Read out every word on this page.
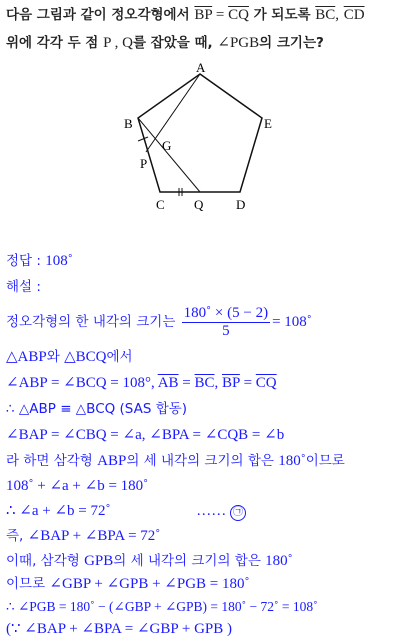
다음 그림과 같이 정오각형에서 $\overline{BP} = \overline{CQ}$ 가 되도록 $\overline{BC}$, $\overline{CD}$
위에 각각 두 점 P , Q를 잡았을 때, ∠PGB의 크기는?
A
B
C	D
E
G
P
Q
정답 : 108˚
해설 :
정오각형의 한 내각의 크기는 $\frac{180˚ \times (5 - 2)}{5}$ = 108˚
△ABP와 △BCQ에서
∠ABP = ∠BCQ = 108°, $\overline{AB} = \overline{BC}$, $\overline{BP} = \overline{CQ}$
∴ △ABP ≡ △BCQ (SAS 합동)
∠BAP = ∠CBQ = ∠a, ∠BPA = ∠CQB = ∠b
라 하면 삼각형 ABP의 세 내각의 크기의 합은 180˚이므로
108˚ + ∠a + ∠b = 180˚
∴ ∠a + ∠b = 72˚	…… ㉠
즉, ∠BAP + ∠BPA = 72˚
이때, 삼각형 GPB의 세 내각의 크기의 합은 180˚
이므로 ∠GBP + ∠GPB + ∠PGB = 180˚
∴ ∠PGB = 180˚ − (∠GBP + ∠GPB) = 180˚ − 72˚ = 108˚
(∵ ∠BAP + ∠BPA = ∠GBP + GPB )
